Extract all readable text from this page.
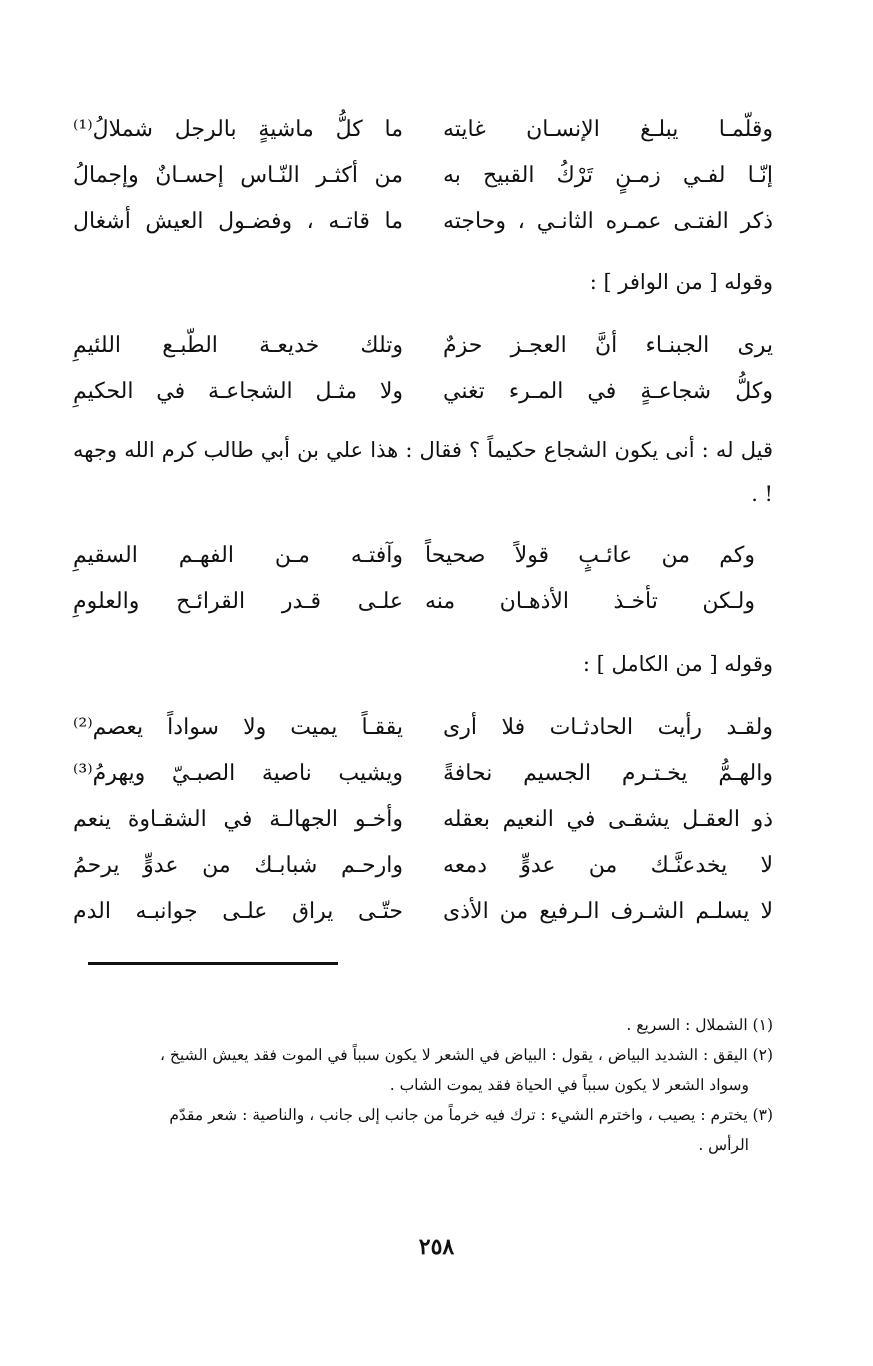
وقلّمـا يبلـغ الإنسـان غايته
ما كلُّ ماشيةٍ بالرجل شملالُ⁽¹⁾
إنّـا لفـي زمـنٍ تَرْكُ القبيح به
من أكثـر النّـاس إحسـانٌ وإجمالُ
ذكر الفتـى عمـره الثانـي ، وحاجته
ما قاتـه ، وفضـول العيش أشغال
وقوله [ من الوافر ] :
يرى الجبنـاء أنَّ العجـز حزمٌ
وتلك خديعـة الطّبـع اللئيمِ
وكلُّ شجاعـةٍ في المـرء تغني
ولا مثـل الشجاعـة في الحكيمِ
قيل له : أنى يكون الشجاع حكيماً ؟ فقال : هذا علي بن أبي طالب كرم الله وجهه ! .
وكم من عائـبٍ قولاً صحيحاً
وآفتـه مـن الفهـم السقيمِ
ولـكن تأخـذ الأذهـان منه
علـى قـدر القرائـح والعلومِ
وقوله [ من الكامل ] :
ولقـد رأيت الحادثـات فلا أرى
يققـاً يميت ولا سواداً يعصم⁽²⁾
والهـمُّ يخـتـرم الجسيم نحافةً
ويشيب ناصية الصبـيّ ويهرمُ⁽³⁾
ذو العقـل يشقـى في النعيم بعقله
وأخـو الجهالـة في الشقـاوة ينعم
لا يخدعنَّـك من عدوٍّ دمعه
وارحـم شبابـك من عدوٍّ يرحمُ
لا يسلـم الشـرف الـرفيع من الأذى
حتّـى يراق علـى جوانبـه الدم
(١) الشملال : السريع .
(٢) اليقق : الشديد البياض ، يقول : البياض في الشعر لا يكون سبباً في الموت فقد يعيش الشيخ ،
وسواد الشعر لا يكون سبباً في الحياة فقد يموت الشاب .
(٣) يخترم : يصيب ، واخترم الشيء : ترك فيه خرماً من جانب إلى جانب ، والناصية : شعر مقدّم
الرأس .
٢٥٨
